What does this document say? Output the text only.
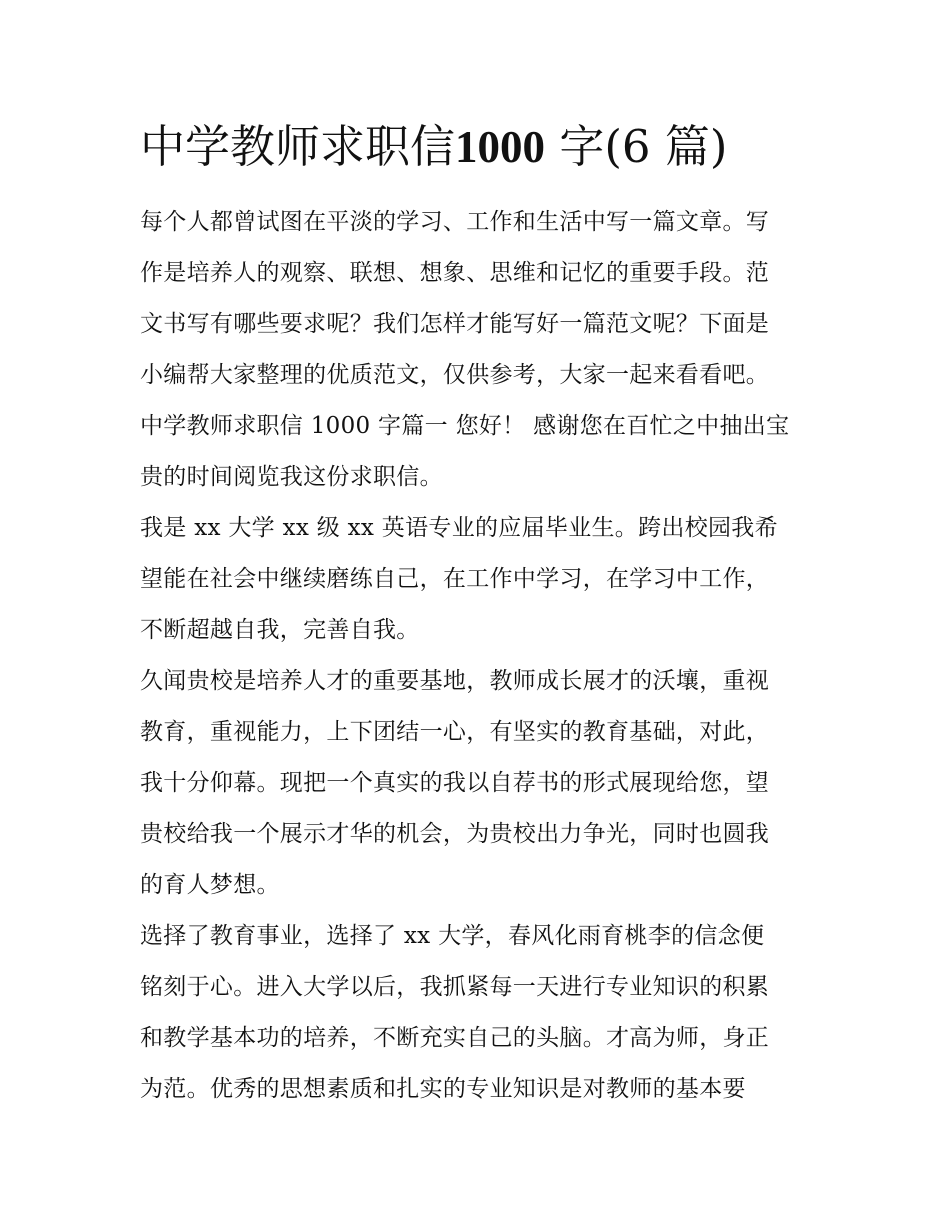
中学教师求职信1000 字(6 篇)

每个人都曾试图在平淡的学习、工作和生活中写一篇文章。写
作是培养人的观察、联想、想象、思维和记忆的重要手段。范
文书写有哪些要求呢？我们怎样才能写好一篇范文呢？下面是
小编帮大家整理的优质范文，仅供参考，大家一起来看看吧。
中学教师求职信 1000 字篇一 您好！ 感谢您在百忙之中抽出宝
贵的时间阅览我这份求职信。

我是 xx 大学 xx 级 xx 英语专业的应届毕业生。跨出校园我希
望能在社会中继续磨练自己，在工作中学习，在学习中工作，
不断超越自我，完善自我。

久闻贵校是培养人才的重要基地，教师成长展才的沃壤，重视
教育，重视能力，上下团结一心，有坚实的教育基础，对此，
我十分仰幕。现把一个真实的我以自荐书的形式展现给您，望
贵校给我一个展示才华的机会，为贵校出力争光，同时也圆我
的育人梦想。

选择了教育事业，选择了 xx 大学，春风化雨育桃李的信念便
铭刻于心。进入大学以后，我抓紧每一天进行专业知识的积累
和教学基本功的培养，不断充实自己的头脑。才高为师，身正
为范。优秀的思想素质和扎实的专业知识是对教师的基本要
